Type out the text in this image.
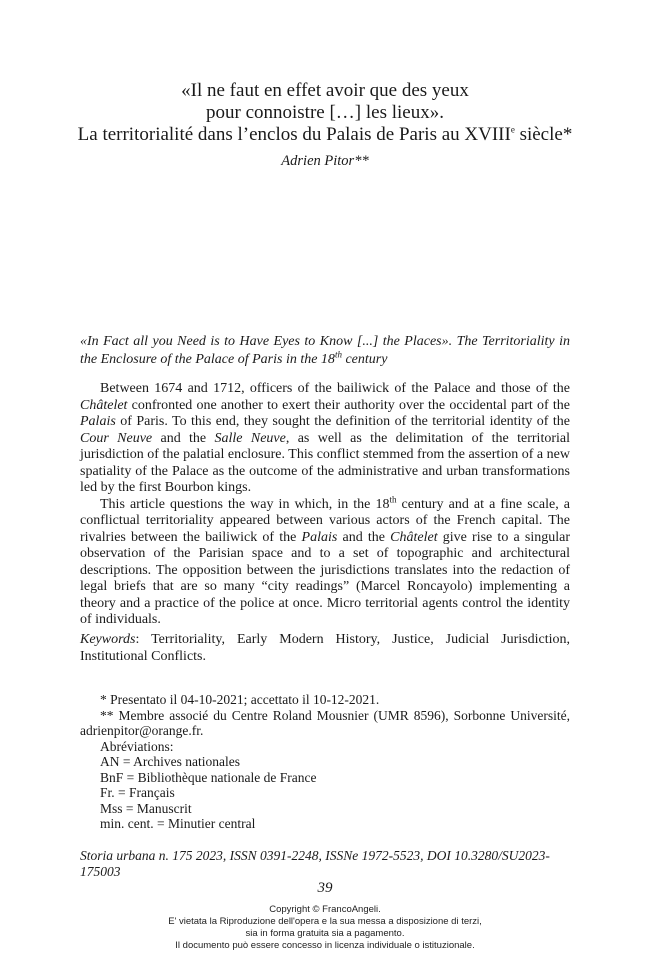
«Il ne faut en effet avoir que des yeux
pour connoistre […] les lieux».
La territorialité dans l’enclos du Palais de Paris au XVIIIe siècle*
Adrien Pitor**
«In Fact all you Need is to Have Eyes to Know [...] the Places». The Territoriality in the Enclosure of the Palace of Paris in the 18th century

Between 1674 and 1712, officers of the bailiwick of the Palace and those of the Châtelet confronted one another to exert their authority over the occidental part of the Palais of Paris. To this end, they sought the definition of the territorial identity of the Cour Neuve and the Salle Neuve, as well as the delimitation of the territorial jurisdiction of the palatial enclosure. This conflict stemmed from the assertion of a new spatiality of the Palace as the outcome of the administrative and urban transformations led by the first Bourbon kings.

This article questions the way in which, in the 18th century and at a fine scale, a conflictual territoriality appeared between various actors of the French capital. The rivalries between the bailiwick of the Palais and the Châtelet give rise to a singular observation of the Parisian space and to a set of topographic and architectural descriptions. The opposition between the jurisdictions translates into the redaction of legal briefs that are so many “city readings” (Marcel Roncayolo) implementing a theory and a practice of the police at once. Micro territorial agents control the identity of individuals.

Keywords: Territoriality, Early Modern History, Justice, Judicial Jurisdiction, Institutional Conflicts.
* Presentato il 04-10-2021; accettato il 10-12-2021.
** Membre associé du Centre Roland Mousnier (UMR 8596), Sorbonne Université, adrienpitor@orange.fr.
Abréviations:
AN = Archives nationales
BnF = Bibliothèque nationale de France
Fr. = Français
Mss = Manuscrit
min. cent. = Minutier central
Storia urbana n. 175 2023, ISSN 0391-2248, ISSNe 1972-5523, DOI 10.3280/SU2023-175003
39
Copyright © FrancoAngeli.
E' vietata la Riproduzione dell'opera e la sua messa a disposizione di terzi,
sia in forma gratuita sia a pagamento.
Il documento può essere concesso in licenza individuale o istituzionale.
